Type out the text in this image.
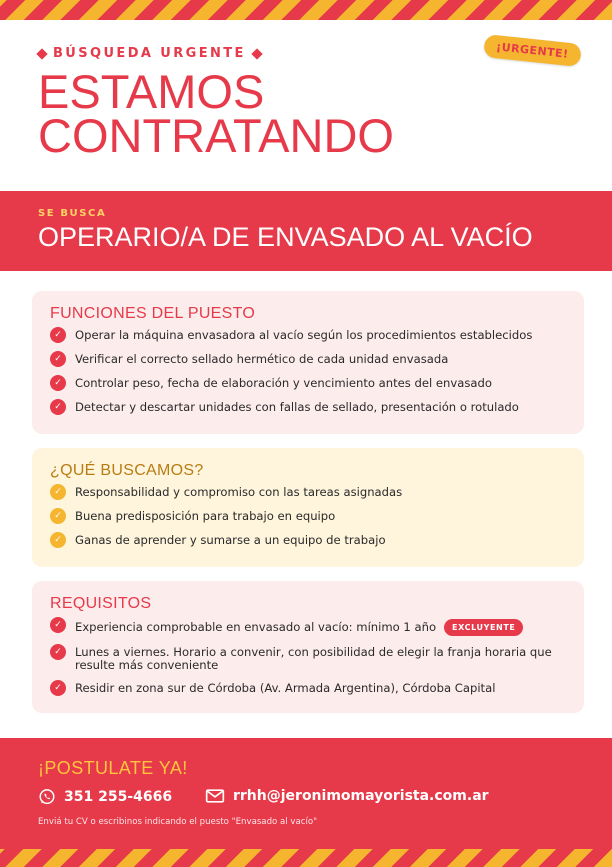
BÚSQUEDA URGENTE
ESTAMOS
CONTRATANDO
¡URGENTE!
SE BUSCA
OPERARIO/A DE ENVASADO AL VACÍO
FUNCIONES DEL PUESTO
✓	Operar la máquina envasadora al vacío según los procedimientos establecidos
✓	Verificar el correcto sellado hermético de cada unidad envasada
✓	Controlar peso, fecha de elaboración y vencimiento antes del envasado
✓	Detectar y descartar unidades con fallas de sellado, presentación o rotulado
¿QUÉ BUSCAMOS?
✓	Responsabilidad y compromiso con las tareas asignadas
✓	Buena predisposición para trabajo en equipo
✓	Ganas de aprender y sumarse a un equipo de trabajo
REQUISITOS
✓	Experiencia comprobable en envasado al vacío: mínimo 1 año EXCLUYENTE
✓	Lunes a viernes. Horario a convenir, con posibilidad de elegir la franja horaria que resulte más conveniente
✓	Residir en zona sur de Córdoba (Av. Armada Argentina), Córdoba Capital
¡POSTULATE YA!
351 255-4666	rrhh@jeronimomayorista.com.ar
Enviá tu CV o escribinos indicando el puesto "Envasado al vacío"
